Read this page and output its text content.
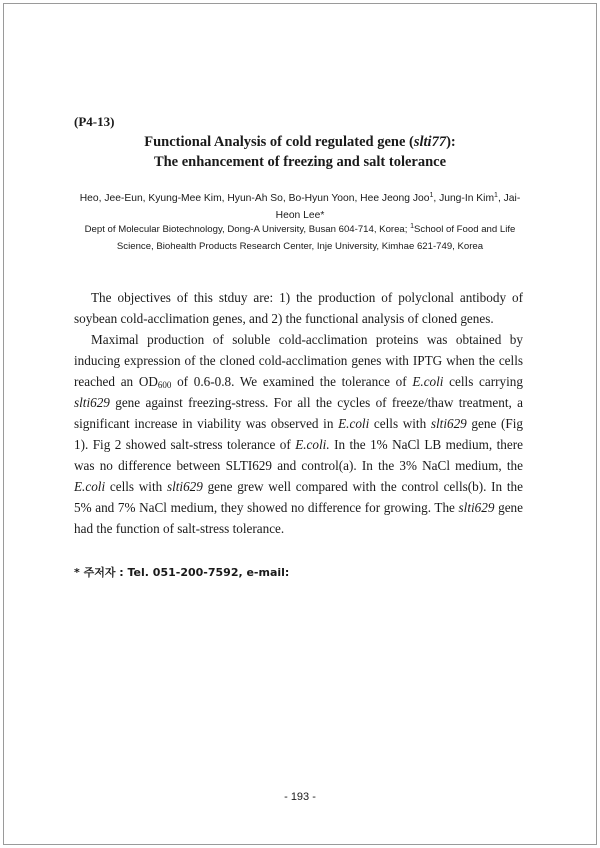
(P4-13)
Functional Analysis of cold regulated gene (slti77):
The enhancement of freezing and salt tolerance
Heo, Jee-Eun, Kyung-Mee Kim, Hyun-Ah So, Bo-Hyun Yoon, Hee Jeong Joo$^1$, Jung-In Kim$^1$, Jai-Heon Lee*
Dept of Molecular Biotechnology, Dong-A University, Busan 604-714, Korea; $^1$School of Food and Life Science, Biohealth Products Research Center, Inje University, Kimhae 621-749, Korea

The objectives of this stduy are: 1) the production of polyclonal antibody of soybean cold-acclimation genes, and 2) the functional analysis of cloned genes.

Maximal production of soluble cold-acclimation proteins was obtained by inducing expression of the cloned cold-acclimation genes with IPTG when the cells reached an $OD_{600}$ of 0.6-0.8. We examined the tolerance of E.coli cells carrying slti629 gene against freezing-stress. For all the cycles of freeze/thaw treatment, a significant increase in viability was observed in E.coli cells with slti629 gene (Fig 1). Fig 2 showed salt-stress tolerance of E.coli. In the 1% NaCl LB medium, there was no difference between SLTI629 and control(a). In the 3% NaCl medium, the E.coli cells with slti629 gene grew well compared with the control cells(b). In the 5% and 7% NaCl medium, they showed no difference for growing. The slti629 gene had the function of salt-stress tolerance.

* 주저자 : Tel. 051-200-7592, e-mail:
- 193 -
